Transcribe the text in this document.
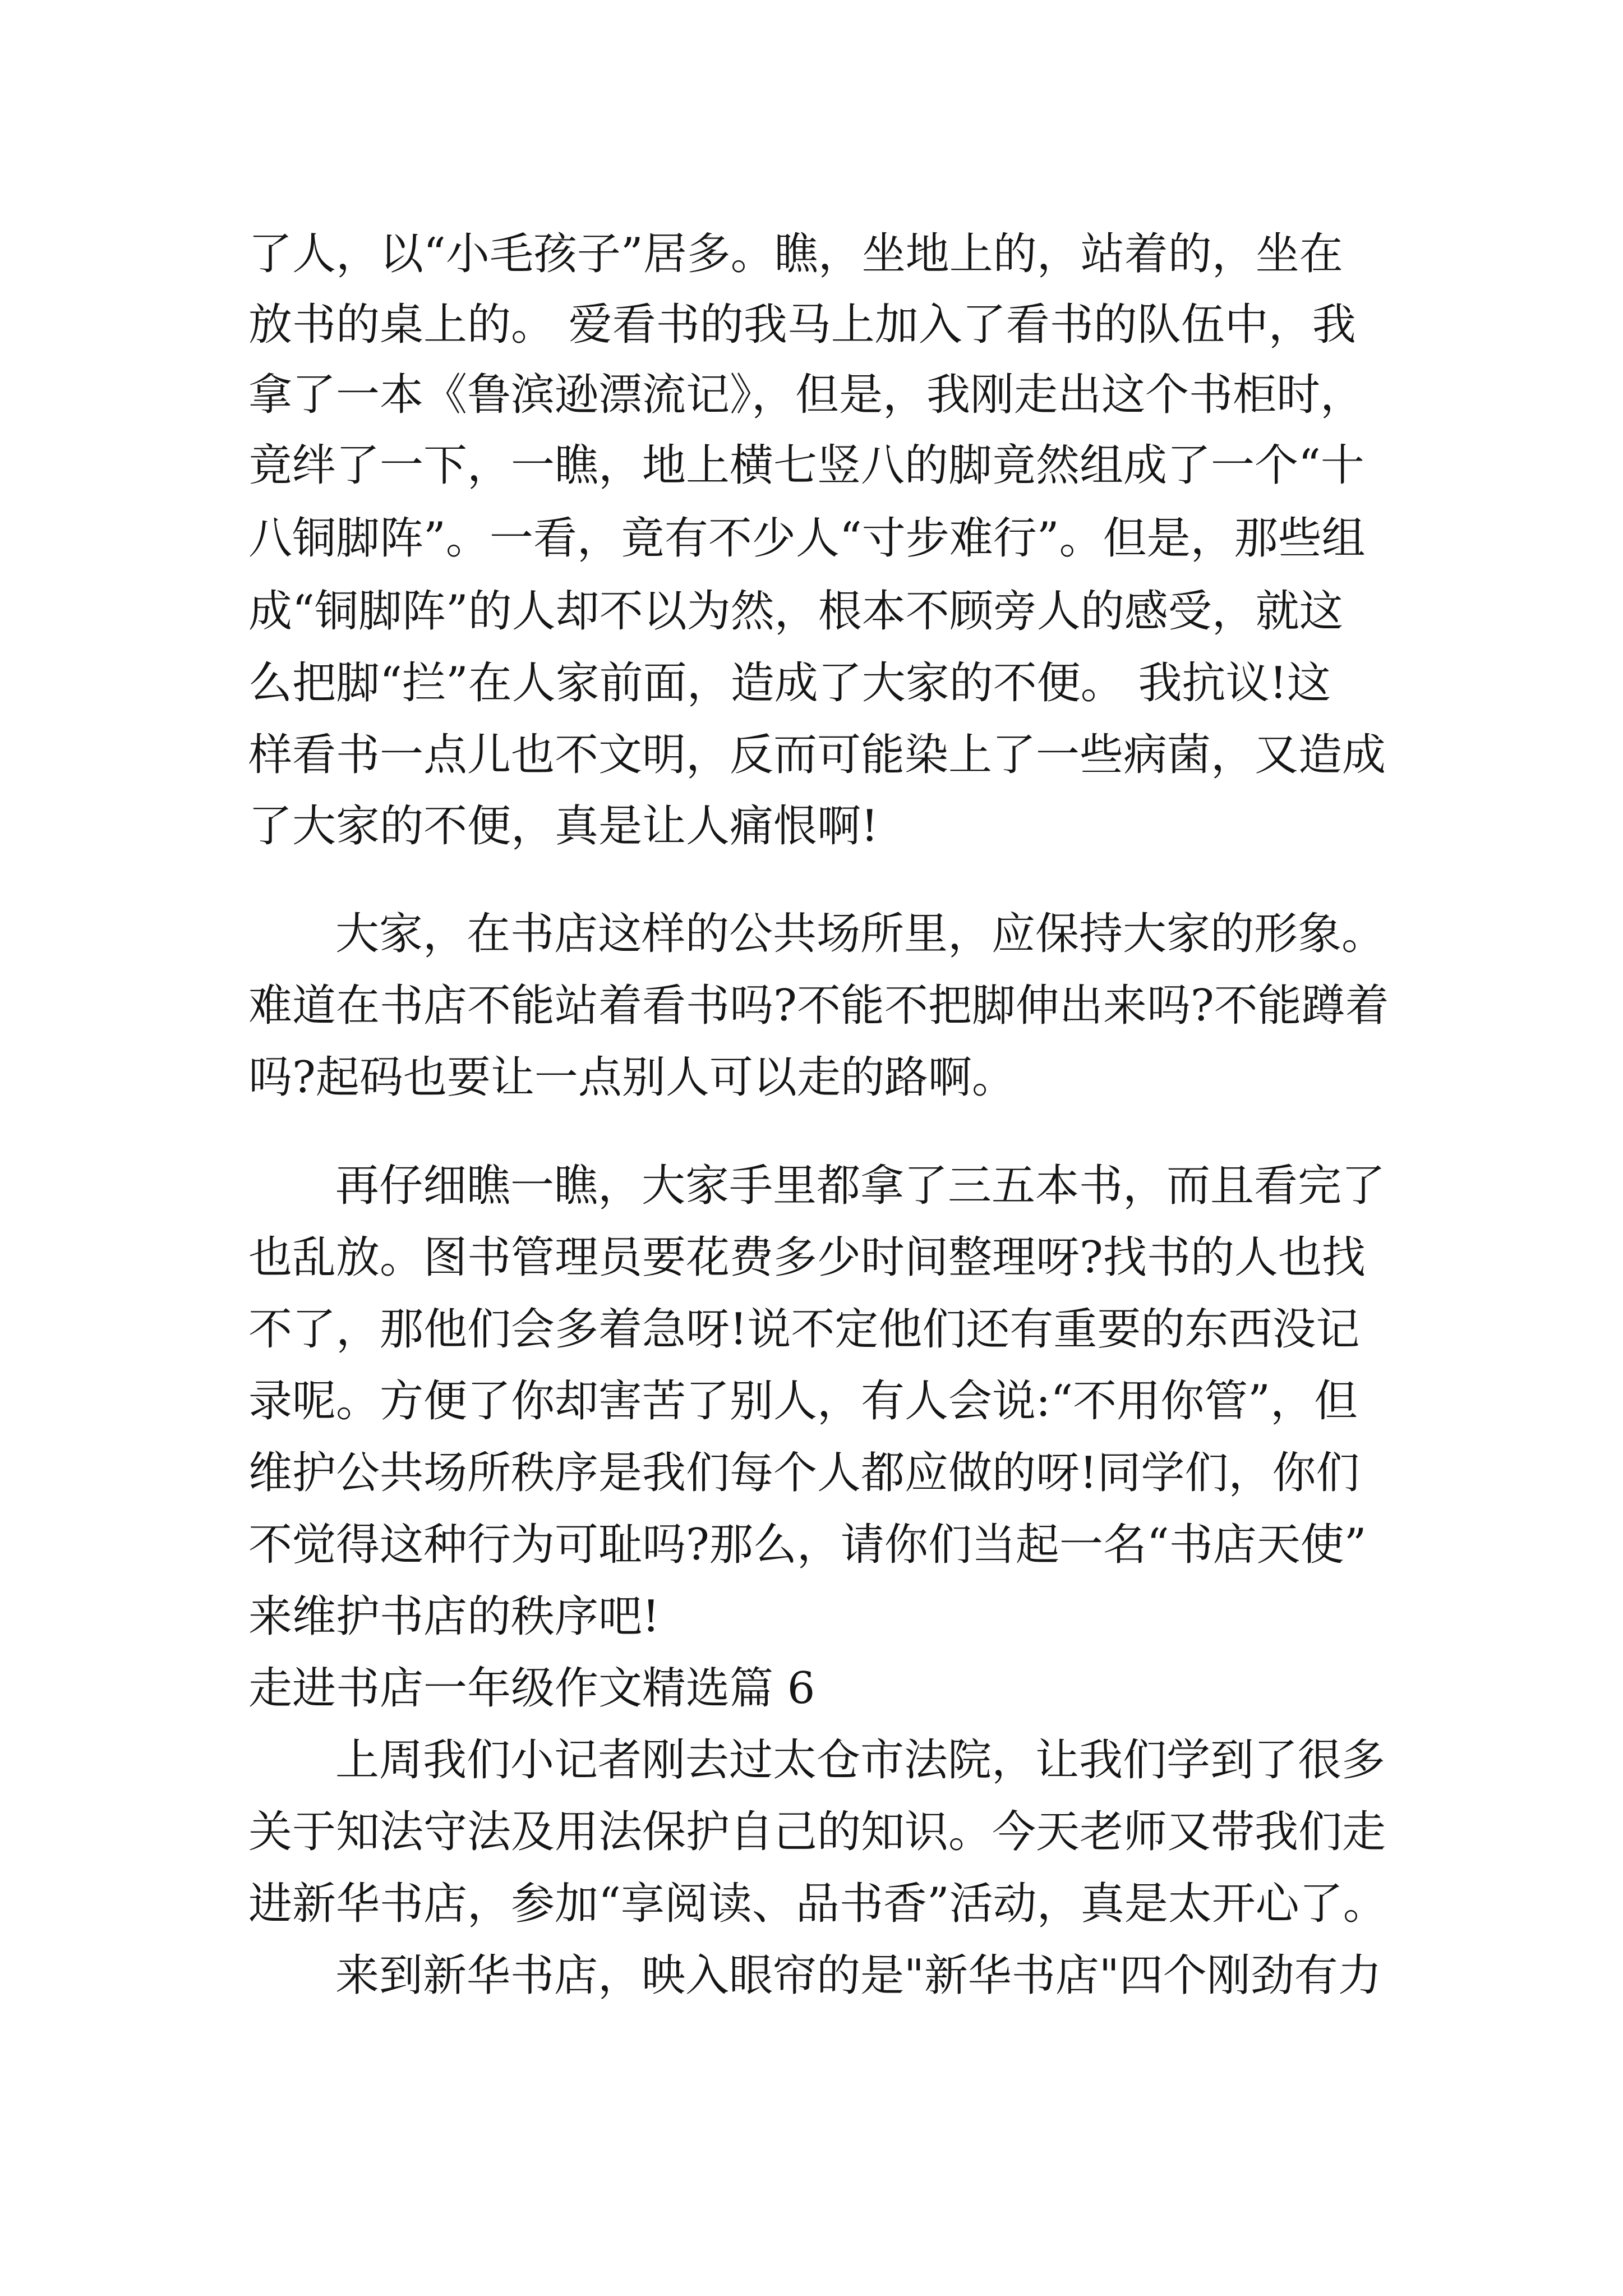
了人，以“小毛孩子”居多。瞧，坐地上的，站着的，坐在
放书的桌上的。 爱看书的我马上加入了看书的队伍中，我
拿了一本《鲁滨逊漂流记》，但是，我刚走出这个书柜时，
竟绊了一下，一瞧，地上横七竖八的脚竟然组成了一个“十
八铜脚阵”。一看，竟有不少人“寸步难行”。但是，那些组
成“铜脚阵”的人却不以为然，根本不顾旁人的感受，就这
么把脚“拦”在人家前面，造成了大家的不便。 我抗议!这
样看书一点儿也不文明，反而可能染上了一些病菌，又造成
了大家的不便，真是让人痛恨啊!
大家，在书店这样的公共场所里，应保持大家的形象。
难道在书店不能站着看书吗?不能不把脚伸出来吗?不能蹲着
吗?起码也要让一点别人可以走的路啊。
再仔细瞧一瞧，大家手里都拿了三五本书，而且看完了
也乱放。图书管理员要花费多少时间整理呀?找书的人也找
不了，那他们会多着急呀!说不定他们还有重要的东西没记
录呢。方便了你却害苦了别人，有人会说:“不用你管”，但
维护公共场所秩序是我们每个人都应做的呀!同学们，你们
不觉得这种行为可耻吗?那么，请你们当起一名“书店天使”
来维护书店的秩序吧!
走进书店一年级作文精选篇 6
上周我们小记者刚去过太仓市法院，让我们学到了很多
关于知法守法及用法保护自己的知识。今天老师又带我们走
进新华书店，参加“享阅读、品书香”活动，真是太开心了。
来到新华书店，映入眼帘的是"新华书店"四个刚劲有力
